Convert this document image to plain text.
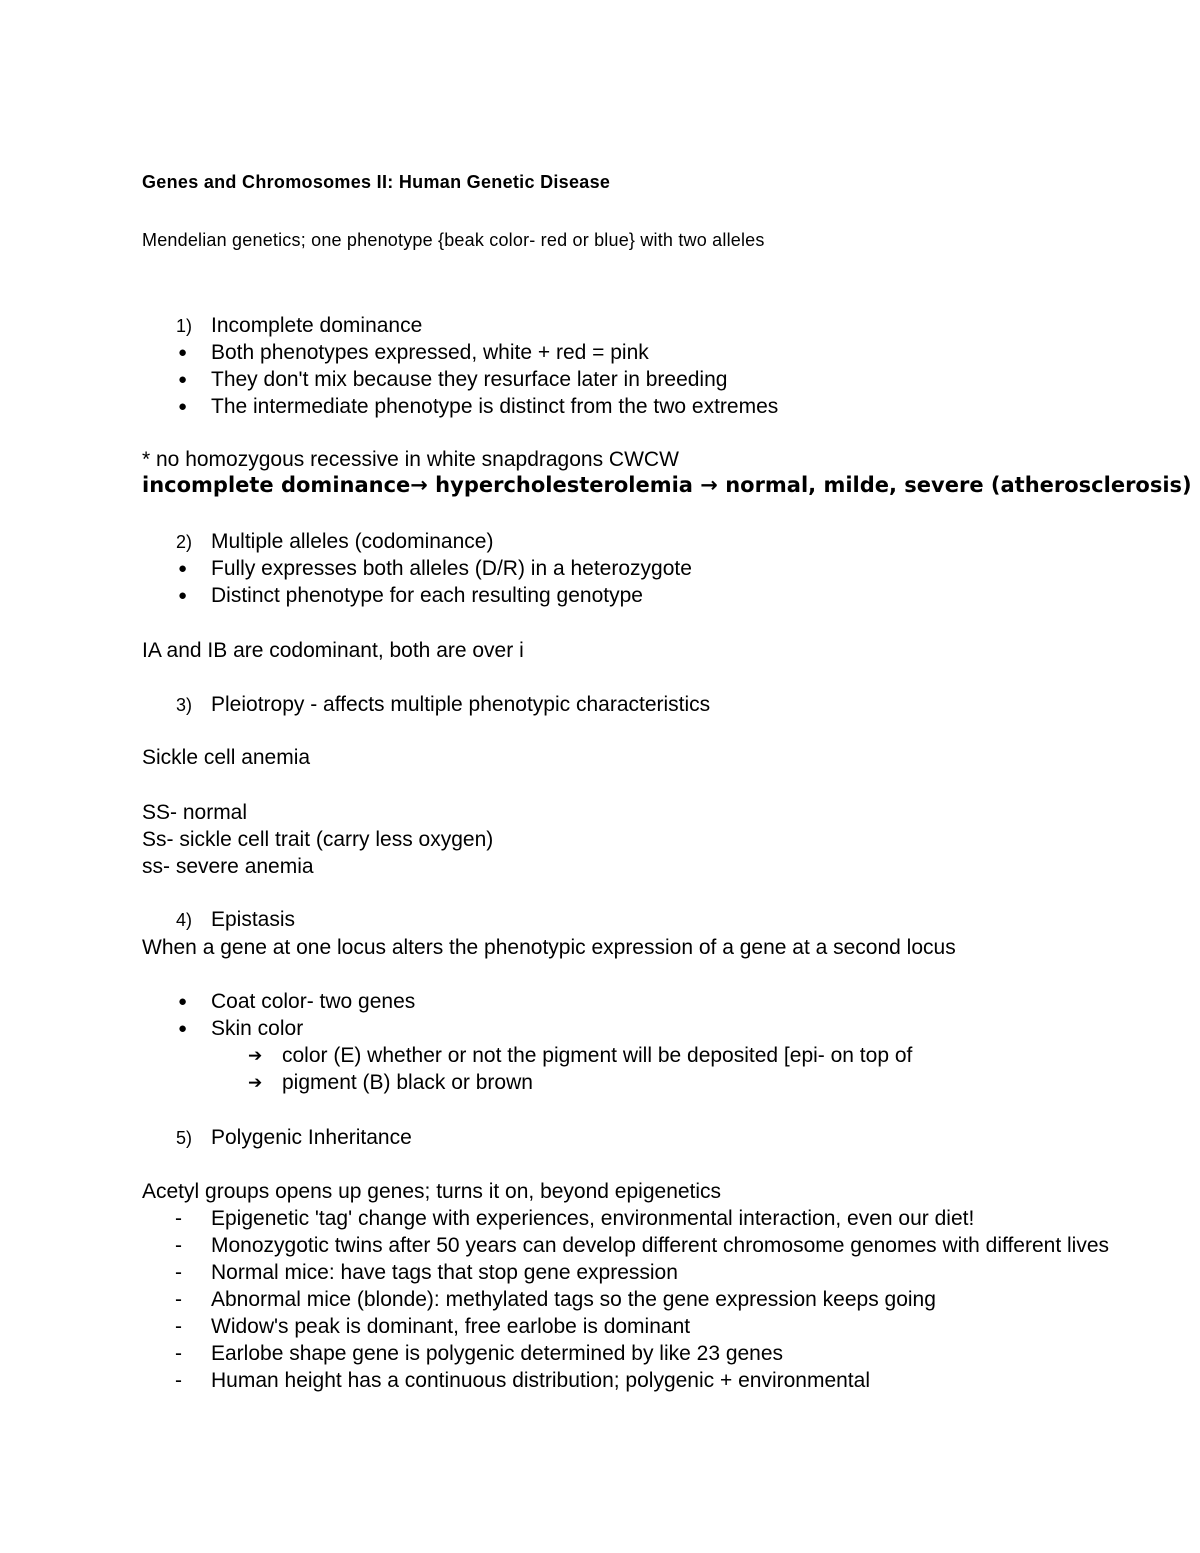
Genes and Chromosomes II: Human Genetic Disease
Mendelian genetics; one phenotype {beak color- red or blue} with two alleles
1) Incomplete dominance
● Both phenotypes expressed, white + red = pink
● They don't mix because they resurface later in breeding
● The intermediate phenotype is distinct from the two extremes
* no homozygous recessive in white snapdragons CWCW
incomplete dominance→ hypercholesterolemia → normal, milde, severe (atherosclerosis)
2) Multiple alleles (codominance)
● Fully expresses both alleles (D/R) in a heterozygote
● Distinct phenotype for each resulting genotype
IA and IB are codominant, both are over i
3) Pleiotropy - affects multiple phenotypic characteristics
Sickle cell anemia
SS- normal
Ss- sickle cell trait (carry less oxygen)
ss- severe anemia
4) Epistasis
When a gene at one locus alters the phenotypic expression of a gene at a second locus
● Coat color- two genes
● Skin color
➔ color (E) whether or not the pigment will be deposited [epi- on top of
➔ pigment (B) black or brown
5) Polygenic Inheritance
Acetyl groups opens up genes; turns it on, beyond epigenetics
- Epigenetic 'tag' change with experiences, environmental interaction, even our diet!
- Monozygotic twins after 50 years can develop different chromosome genomes with different lives
- Normal mice: have tags that stop gene expression
- Abnormal mice (blonde): methylated tags so the gene expression keeps going
- Widow's peak is dominant, free earlobe is dominant
- Earlobe shape gene is polygenic determined by like 23 genes
- Human height has a continuous distribution; polygenic + environmental
